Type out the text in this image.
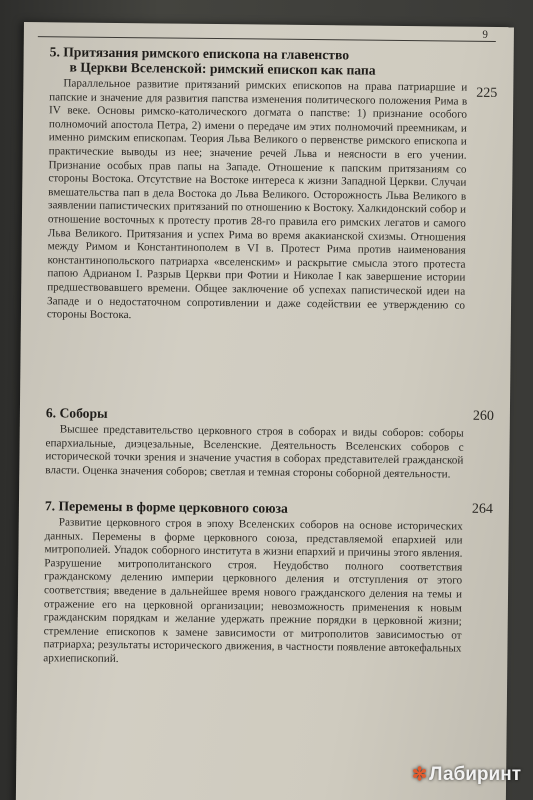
9
5. Притязания римского епископа на главенство
в Церкви Вселенской: римский епископ как папа
225
Параллельное развитие притязаний римских епископов на права патриаршие и папские и значение для развития папства изменения политического положения Рима в IV веке. Основы римско-католического догмата о папстве: 1) признание особого полномочий апостола Петра, 2) имени о передаче им этих полномочий преемникам, и именно римским епископам. Теория Льва Великого о первенстве римского епископа и практические выводы из нее; значение речей Льва и неясности в его учении. Признание особых прав папы на Западе. Отношение к папским притязаниям со стороны Востока. Отсутствие на Востоке интереса к жизни Западной Церкви. Случаи вмешательства пап в дела Востока до Льва Великого. Осторожность Льва Великого в заявлении папистических притязаний по отношению к Востоку. Халкидонский собор и отношение восточных к протесту против 28-го правила его римских легатов и самого Льва Великого. Притязания и успех Рима во время акакианской схизмы. Отношения между Римом и Константинополем в VI в. Протест Рима против наименования константинопольского патриарха «вселенским» и раскрытие смысла этого протеста папою Адрианом I. Разрыв Церкви при Фотии и Николае I как завершение истории предшествовавшего времени. Общее заключение об успехах папистической идеи на Западе и о недостаточном сопротивлении и даже содействии ее утверждению со стороны Востока.
6. Соборы	260
Высшее представительство церковного строя в соборах и виды соборов: соборы епархиальные, диэцезальные, Вселенские. Деятельность Вселенских соборов с исторической точки зрения и значение участия в соборах представителей гражданской власти. Оценка значения соборов; светлая и темная стороны соборной деятельности.
7. Перемены в форме церковного союза	264
Развитие церковного строя в эпоху Вселенских соборов на основе исторических данных. Перемены в форме церковного союза, представляемой епархией или митрополией. Упадок соборного института в жизни епархий и причины этого явления. Разрушение митрополитанского строя. Неудобство полного соответствия гражданскому делению империи церковного деления и отступления от этого соответствия; введение в дальнейшее время нового гражданского деления на темы и отражение его на церковной организации; невозможность применения к новым гражданским порядкам и желание удержать прежние порядки в церковной жизни; стремление епископов к замене зависимости от митрополитов зависимостью от патриарха; результаты исторического движения, в частности появление автокефальных архиепископий.
✻ Лабиринт
